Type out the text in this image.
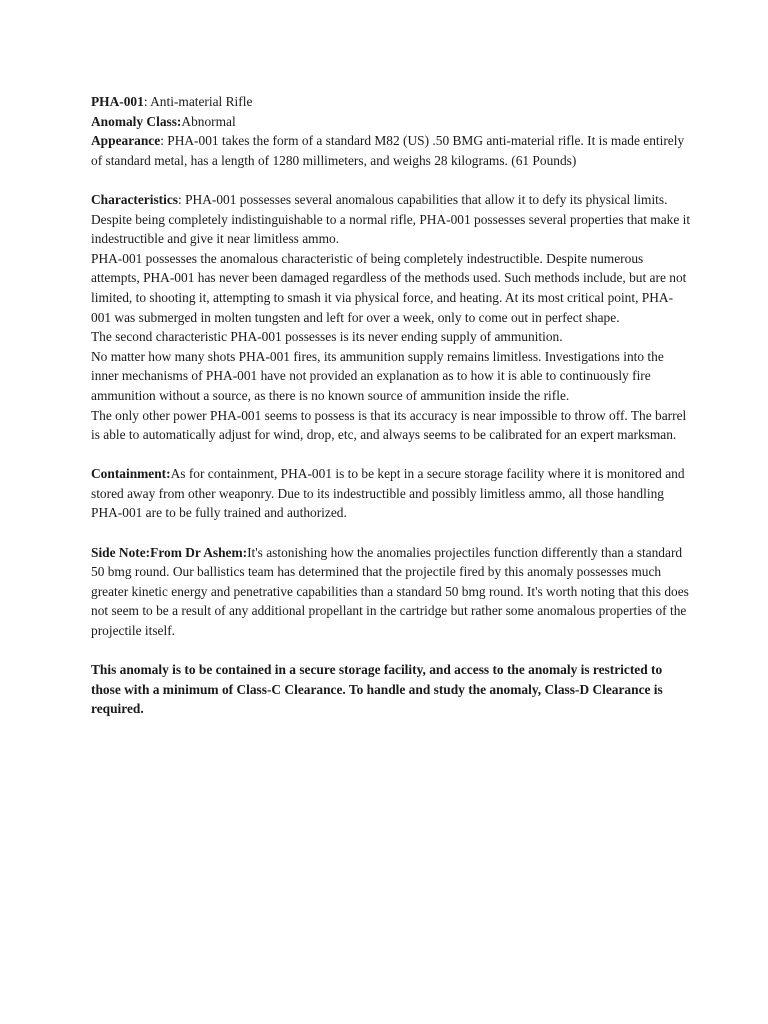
PHA-001: Anti-material Rifle

Anomaly Class:Abnormal

Appearance: PHA-001 takes the form of a standard M82 (US) .50 BMG anti-material rifle. It is made entirely of standard metal, has a length of 1280 millimeters, and weighs 28 kilograms. (61 Pounds)

Characteristics: PHA-001 possesses several anomalous capabilities that allow it to defy its physical limits. Despite being completely indistinguishable to a normal rifle, PHA-001 possesses several properties that make it indestructible and give it near limitless ammo.

PHA-001 possesses the anomalous characteristic of being completely indestructible. Despite numerous attempts, PHA-001 has never been damaged regardless of the methods used. Such methods include, but are not limited, to shooting it, attempting to smash it via physical force, and heating. At its most critical point, PHA-001 was submerged in molten tungsten and left for over a week, only to come out in perfect shape.

The second characteristic PHA-001 possesses is its never ending supply of ammunition.

No matter how many shots PHA-001 fires, its ammunition supply remains limitless. Investigations into the inner mechanisms of PHA-001 have not provided an explanation as to how it is able to continuously fire ammunition without a source, as there is no known source of ammunition inside the rifle.

The only other power PHA-001 seems to possess is that its accuracy is near impossible to throw off. The barrel is able to automatically adjust for wind, drop, etc, and always seems to be calibrated for an expert marksman.

Containment:As for containment, PHA-001 is to be kept in a secure storage facility where it is monitored and stored away from other weaponry. Due to its indestructible and possibly limitless ammo, all those handling PHA-001 are to be fully trained and authorized.

Side Note:From Dr Ashem:It's astonishing how the anomalies projectiles function differently than a standard 50 bmg round. Our ballistics team has determined that the projectile fired by this anomaly possesses much greater kinetic energy and penetrative capabilities than a standard 50 bmg round. It's worth noting that this does not seem to be a result of any additional propellant in the cartridge but rather some anomalous properties of the projectile itself.

This anomaly is to be contained in a secure storage facility, and access to the anomaly is restricted to those with a minimum of Class-C Clearance. To handle and study the anomaly, Class-D Clearance is required.
